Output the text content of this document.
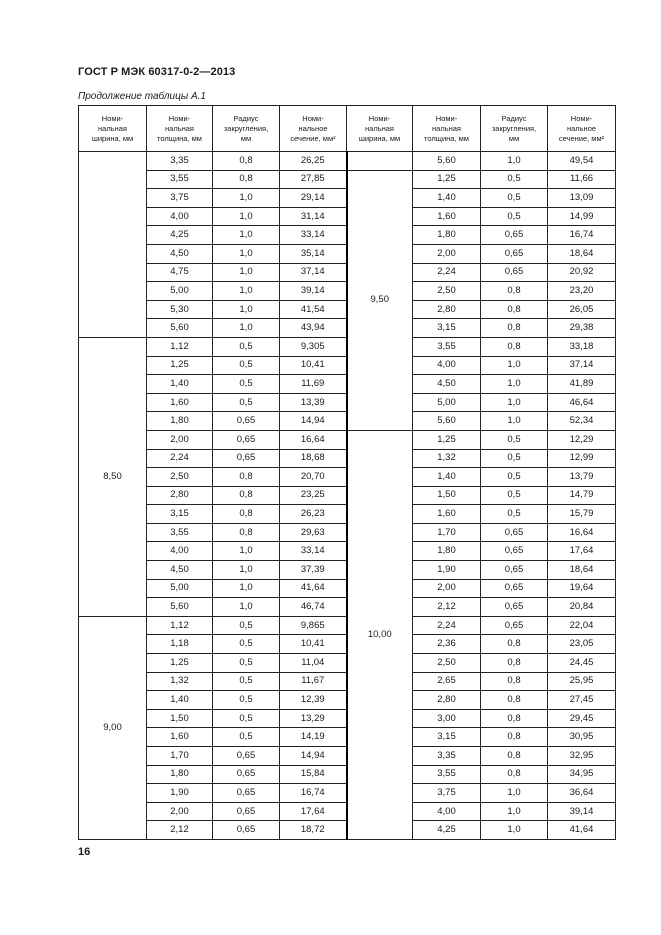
ГОСТ Р МЭК 60317-0-2—2013
Продолжение таблицы А.1
Номи-
нальная
ширина, мм	Номи-
нальная
толщина, мм	Радиус
закругления,
мм	Номи-
нальное
сечение, мм²	Номи-
нальная
ширина, мм	Номи-
нальная
толщина, мм	Радиус
закругления,
мм	Номи-
нальное
сечение, мм²

	3,35	0,8	26,25		5,60	1,0	49,54
	3,55	0,8	27,85	9,50	1,25	0,5	11,66
	3,75	1,0	29,14		1,40	0,5	13,09
	4,00	1,0	31,14		1,60	0,5	14,99
	4,25	1,0	33,14		1,80	0,65	16,74
	4,50	1,0	35,14		2,00	0,65	18,64
	4,75	1,0	37,14		2,24	0,65	20,92
	5,00	1,0	39,14		2,50	0,8	23,20
	5,30	1,0	41,54		2,80	0,8	26,05
	5,60	1,0	43,94		3,15	0,8	29,38
8,50	1,12	0,5	9,305		3,55	0,8	33,18
	1,25	0,5	10,41		4,00	1,0	37,14
	1,40	0,5	11,69		4,50	1,0	41,89
	1,60	0,5	13,39		5,00	1,0	46,64
	1,80	0,65	14,94		5,60	1,0	52,34
	2,00	0,65	16,64	10,00	1,25	0,5	12,29
	2,24	0,65	18,68		1,32	0,5	12,99
	2,50	0,8	20,70		1,40	0,5	13,79
	2,80	0,8	23,25		1,50	0,5	14,79
	3,15	0,8	26,23		1,60	0,5	15,79
	3,55	0,8	29,63		1,70	0,65	16,64
	4,00	1,0	33,14		1,80	0,65	17,64
	4,50	1,0	37,39		1,90	0,65	18,64
	5,00	1,0	41,64		2,00	0,65	19,64
	5,60	1,0	46,74		2,12	0,65	20,84
9,00	1,12	0,5	9,865		2,24	0,65	22,04
	1,18	0,5	10,41		2,36	0,8	23,05
	1,25	0,5	11,04		2,50	0,8	24,45
	1,32	0,5	11,67		2,65	0,8	25,95
	1,40	0,5	12,39		2,80	0,8	27,45
	1,50	0,5	13,29		3,00	0,8	29,45
	1,60	0,5	14,19		3,15	0,8	30,95
	1,70	0,65	14,94		3,35	0,8	32,95
	1,80	0,65	15,84		3,55	0,8	34,95
	1,90	0,65	16,74		3,75	1,0	36,64
	2,00	0,65	17,64		4,00	1,0	39,14
	2,12	0,65	18,72		4,25	1,0	41,64
16
